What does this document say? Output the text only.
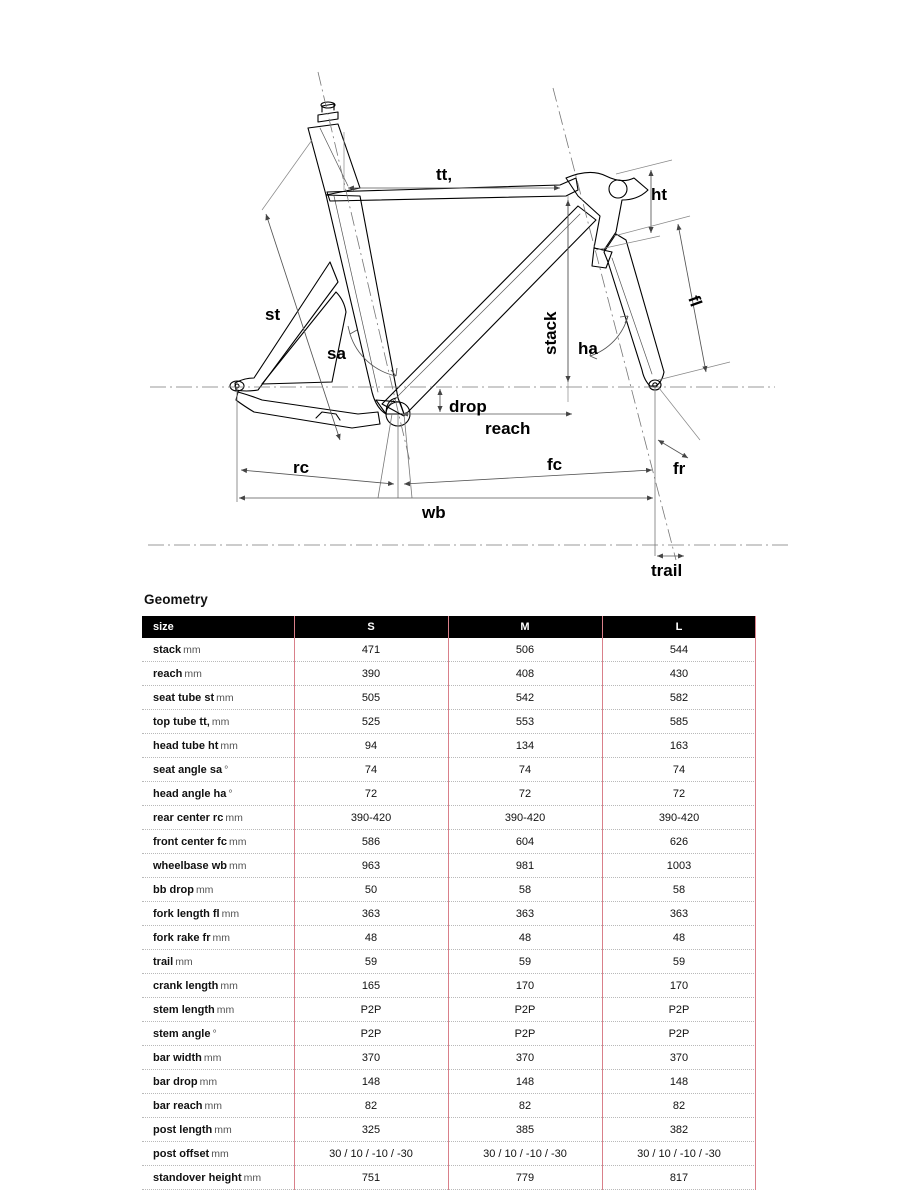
tt‚
ht
fl
st
sa	stack ha
drop
reach
rc	fc	fr
wb
trail
Geometry
size	S	M	L
stack mm	471	506	544
reach mm	390	408	430
seat tube st mm	505	542	582
top tube tt‚ mm	525	553	585
head tube ht mm	94	134	163
seat angle sa °	74	74	74
head angle ha °	72	72	72
rear center rc mm	390-420	390-420	390-420
front center fc mm	586	604	626
wheelbase wb mm	963	981	1003
bb drop mm	50	58	58
fork length fl mm	363	363	363
fork rake fr mm	48	48	48
trail mm	59	59	59
crank length mm	165	170	170
stem length mm	P2P	P2P	P2P
stem angle °	P2P	P2P	P2P
bar width mm	370	370	370
bar drop mm	148	148	148
bar reach mm	82	82	82
post length mm	325	385	382
post offset mm	30 / 10 / -10 / -30	30 / 10 / -10 / -30	30 / 10 / -10 / -30
standover height mm	751	779	817
